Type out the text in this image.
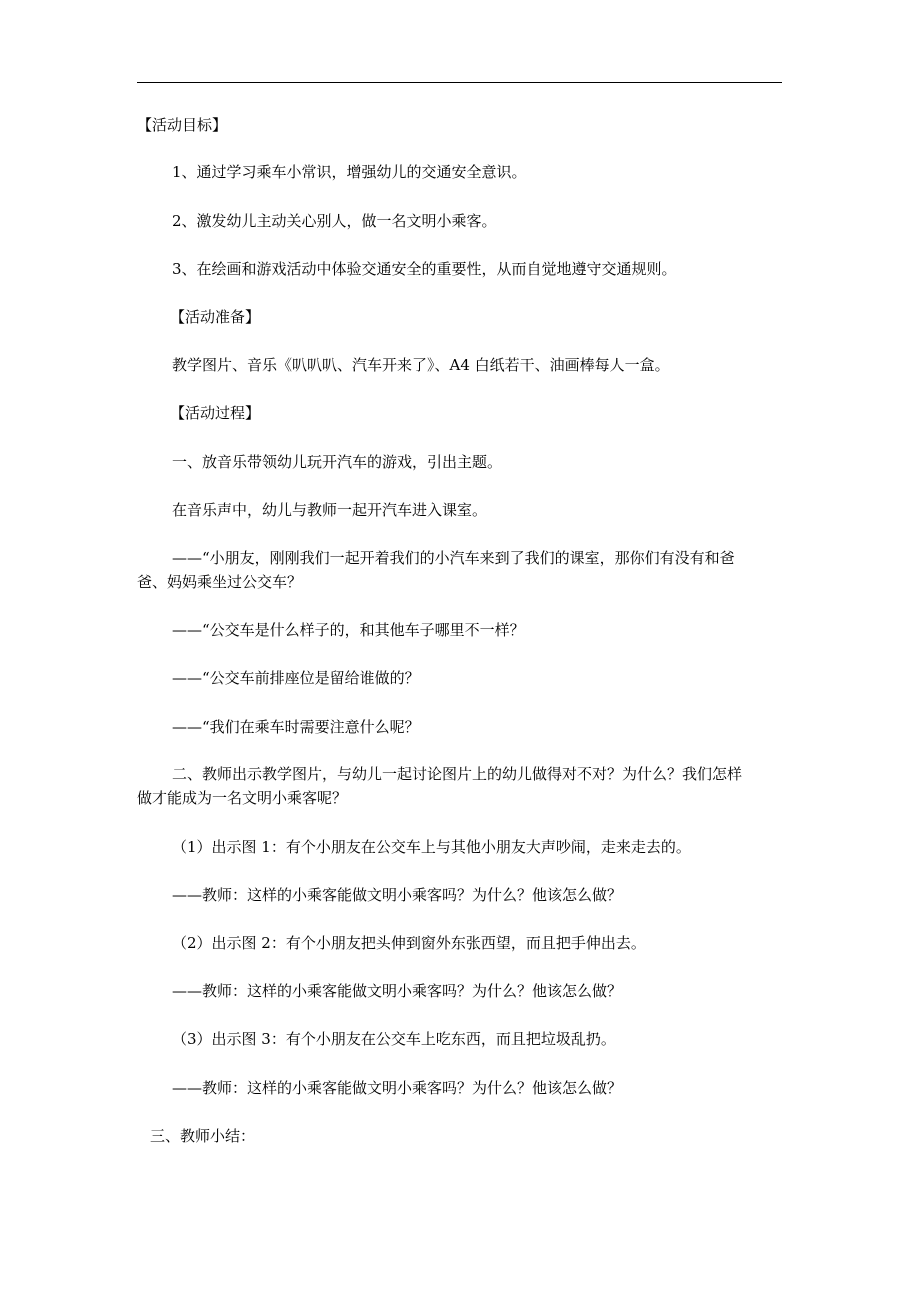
【活动目标】
1、通过学习乘车小常识，增强幼儿的交通安全意识。
2、激发幼儿主动关心别人，做一名文明小乘客。
3、在绘画和游戏活动中体验交通安全的重要性，从而自觉地遵守交通规则。
【活动准备】
教学图片、音乐《叭叭叭、汽车开来了》、A4 白纸若干、油画棒每人一盒。
【活动过程】
一、放音乐带领幼儿玩开汽车的游戏，引出主题。
在音乐声中，幼儿与教师一起开汽车进入课室。
——“小朋友，刚刚我们一起开着我们的小汽车来到了我们的课室，那你们有没有和爸
爸、妈妈乘坐过公交车？
——“公交车是什么样子的，和其他车子哪里不一样？
——“公交车前排座位是留给谁做的？
——“我们在乘车时需要注意什么呢？
二、教师出示教学图片，与幼儿一起讨论图片上的幼儿做得对不对？为什么？我们怎样
做才能成为一名文明小乘客呢？
（1）出示图 1：有个小朋友在公交车上与其他小朋友大声吵闹，走来走去的。
——教师：这样的小乘客能做文明小乘客吗？为什么？他该怎么做？
（2）出示图 2：有个小朋友把头伸到窗外东张西望，而且把手伸出去。
——教师：这样的小乘客能做文明小乘客吗？为什么？他该怎么做？
（3）出示图 3：有个小朋友在公交车上吃东西，而且把垃圾乱扔。
——教师：这样的小乘客能做文明小乘客吗？为什么？他该怎么做？
三、教师小结：
